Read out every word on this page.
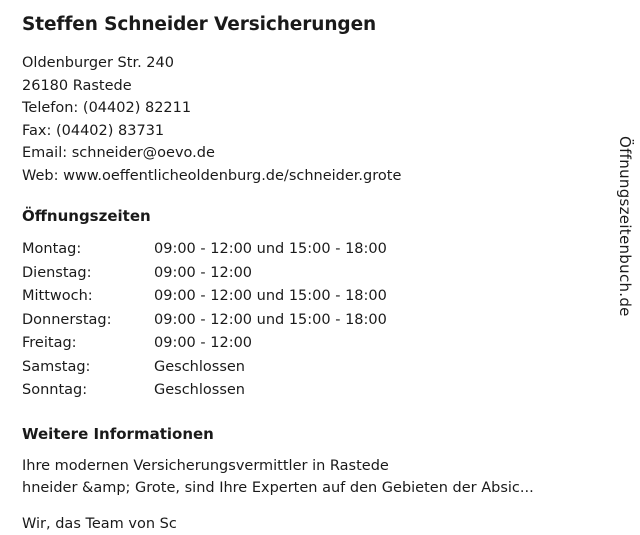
Steffen Schneider Versicherungen
Oldenburger Str. 240
26180 Rastede
Telefon: (04402) 82211
Fax: (04402) 83731
Email: schneider@oevo.de
Web: www.oeffentlicheoldenburg.de/schneider.grote
Öffnungszeiten
Montag:	09:00 - 12:00 und 15:00 - 18:00
Dienstag:	09:00 - 12:00
Mittwoch:	09:00 - 12:00 und 15:00 - 18:00
Donnerstag:	09:00 - 12:00 und 15:00 - 18:00
Freitag:	09:00 - 12:00
Samstag:	Geschlossen
Sonntag:	Geschlossen
Weitere Informationen
Ihre modernen Versicherungsvermittler in Rastede
hneider &amp; Grote, sind Ihre Experten auf den Gebieten der Absic...
Wir, das Team von Sc
Öffnungszeitenbuch.de
